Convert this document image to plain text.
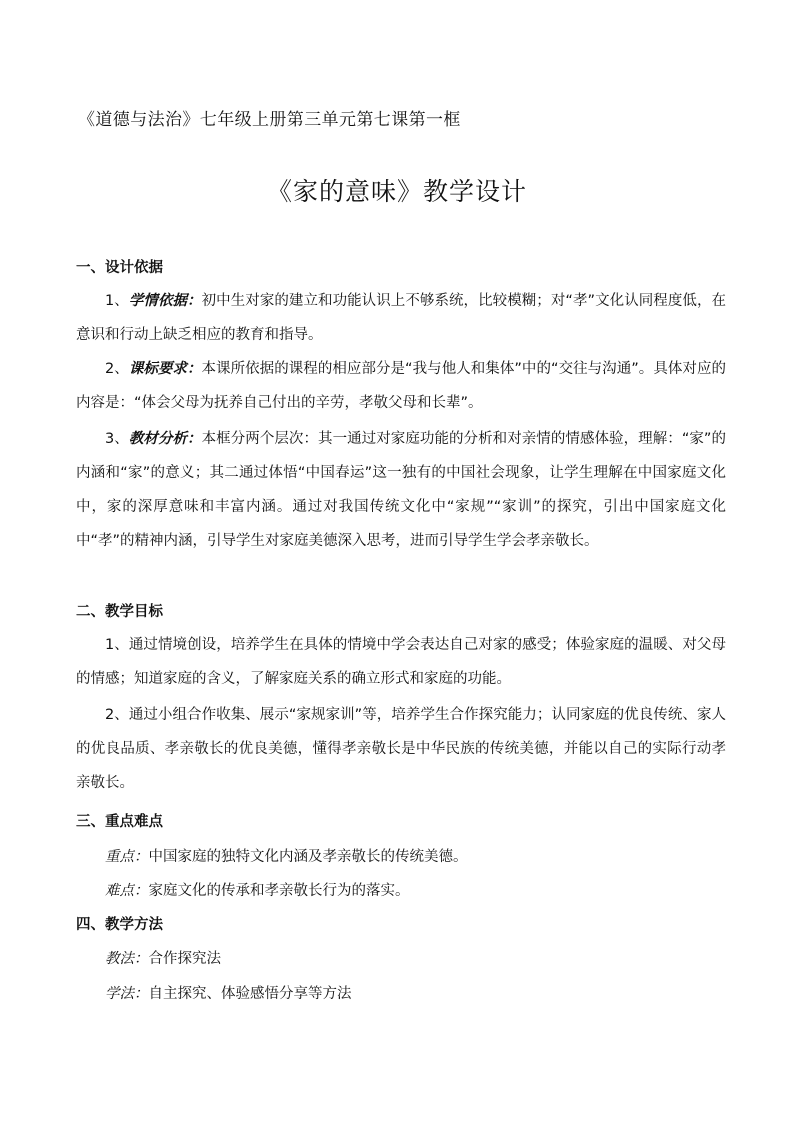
《道德与法治》七年级上册第三单元第七课第一框
《家的意味》教学设计
一、设计依据
1、学情依据：初中生对家的建立和功能认识上不够系统，比较模糊；对“孝”文化认同程度低，在意识和行动上缺乏相应的教育和指导。
2、课标要求：本课所依据的课程的相应部分是“我与他人和集体”中的“交往与沟通”。具体对应的内容是：“体会父母为抚养自己付出的辛劳，孝敬父母和长辈”。
3、教材分析：本框分两个层次：其一通过对家庭功能的分析和对亲情的情感体验，理解：“家”的内涵和“家”的意义；其二通过体悟“中国春运”这一独有的中国社会现象，让学生理解在中国家庭文化中，家的深厚意味和丰富内涵。通过对我国传统文化中“家规”“家训”的探究，引出中国家庭文化中“孝”的精神内涵，引导学生对家庭美德深入思考，进而引导学生学会孝亲敬长。
二、教学目标
1、通过情境创设，培养学生在具体的情境中学会表达自己对家的感受；体验家庭的温暖、对父母的情感；知道家庭的含义，了解家庭关系的确立形式和家庭的功能。
2、通过小组合作收集、展示“家规家训”等，培养学生合作探究能力；认同家庭的优良传统、家人的优良品质、孝亲敬长的优良美德，懂得孝亲敬长是中华民族的传统美德，并能以自己的实际行动孝亲敬长。
三、重点难点
重点：中国家庭的独特文化内涵及孝亲敬长的传统美德。
难点：家庭文化的传承和孝亲敬长行为的落实。
四、教学方法
教法：合作探究法
学法：自主探究、体验感悟分享等方法
